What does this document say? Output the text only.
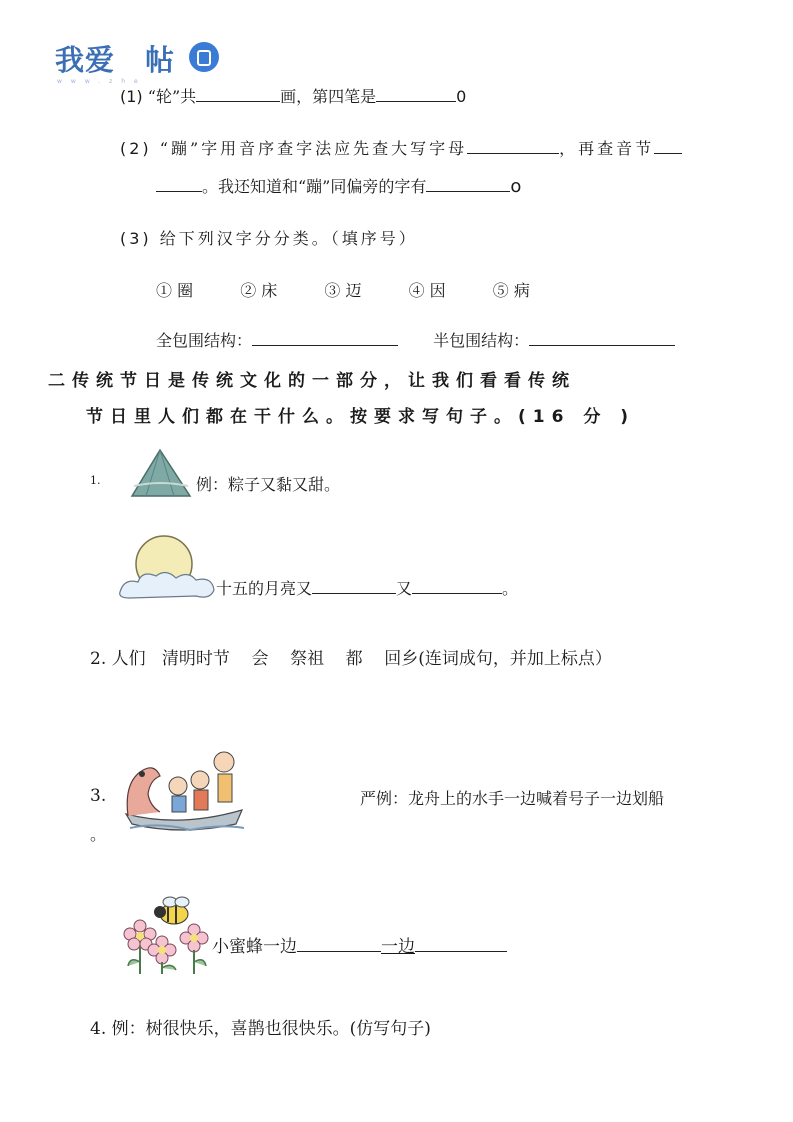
我爱  帖
www.zhe
(1) “轮”共	画，第四笔是	0
(2) “蹦”字用音序查字法应先查大写字母	，再查音节
。我还知道和“蹦”同偏旁的字有	o
(3) 给下列汉字分分类。（填序号）
① 圈	② 床	③ 迈	④ 因	⑤ 病
全包围结构：	半包围结构：
二传统节日是传统文化的一部分，让我们看看传统
节日里人们都在干什么。按要求写句子。(16 分 )
1.	例：粽子又黏又甜。
十五的月亮又	又	。
2. 人们   清明时节    会    祭祖    都    回乡(连词成句，并加上标点）
3.	严例：龙舟上的水手一边喊着号子一边划船
。
小蜜蜂一边	一边
4. 例：树很快乐，喜鹊也很快乐。(仿写句子)
